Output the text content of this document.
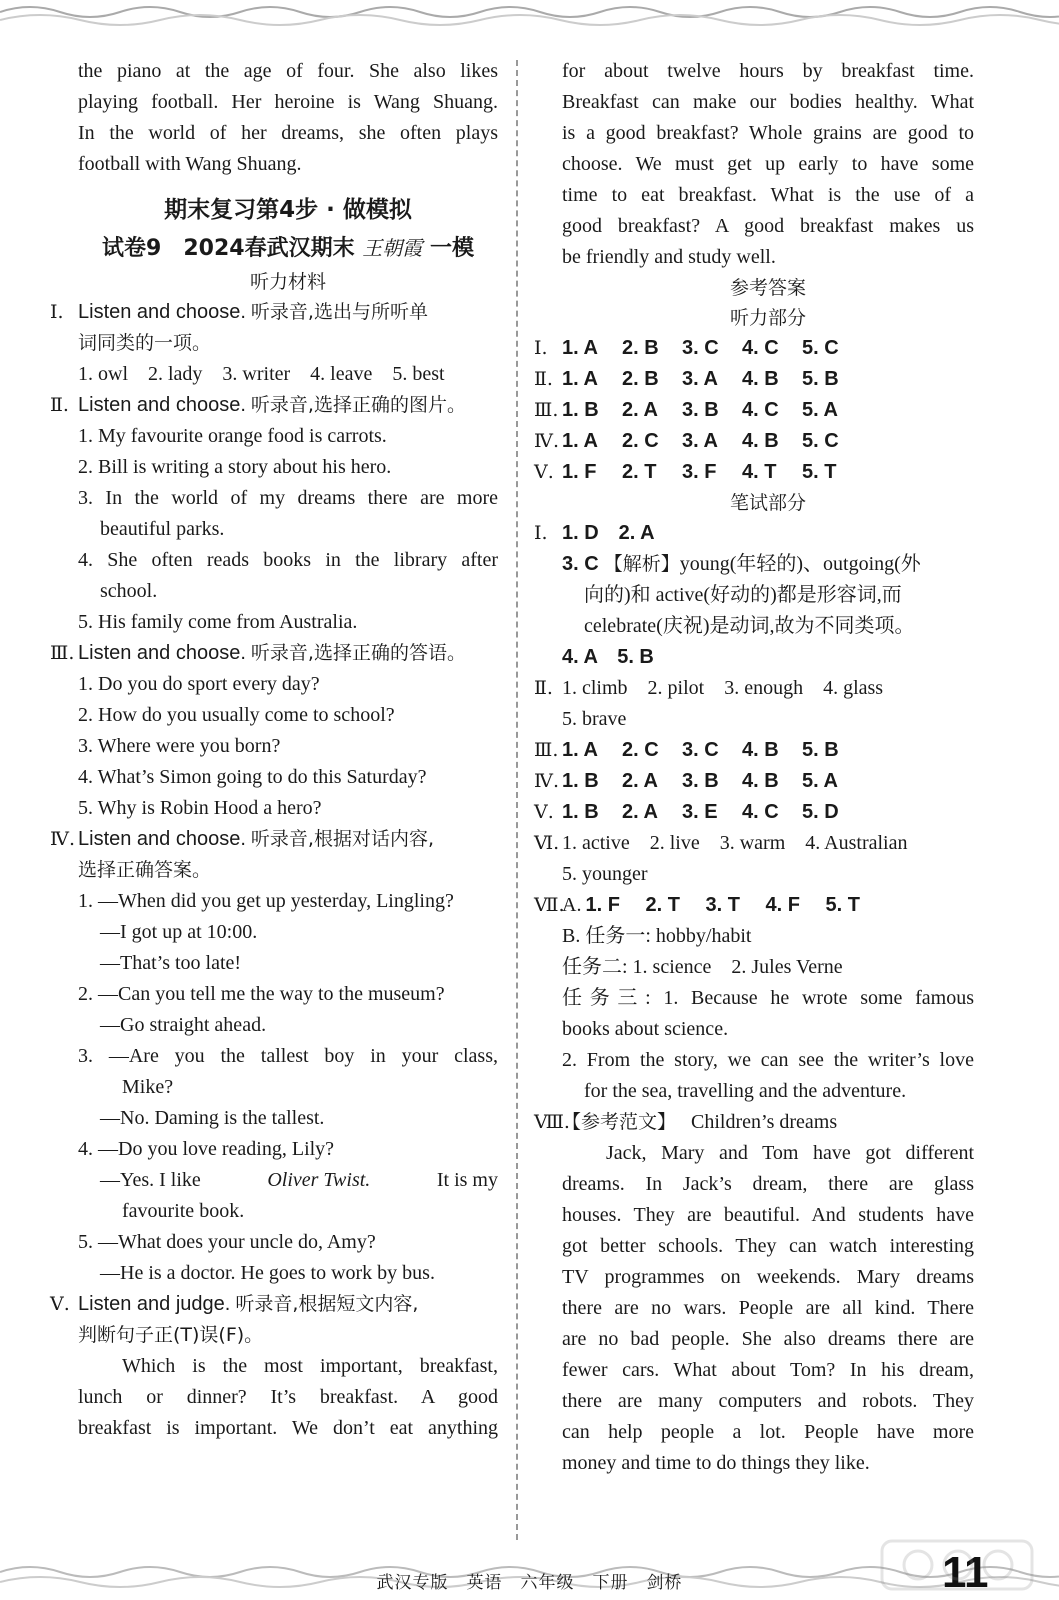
the piano at the age of four. She also likes
playing football. Her heroine is Wang Shuang.
In the world of her dreams, she often plays
football with Wang Shuang.
期末复习第4步 · 做模拟
试卷9　2024春武汉期末 王朝霞 一模
听力材料
Ⅰ. Listen and choose. 听录音,选出与所听单
词同类的一项。
1. owl　2. lady　3. writer　4. leave　5. best
Ⅱ. Listen and choose. 听录音,选择正确的图片。
1. My favourite orange food is carrots.
2. Bill is writing a story about his hero.
3. In the world of my dreams there are more
beautiful parks.
4. She often reads books in the library after
school.
5. His family come from Australia.
Ⅲ. Listen and choose. 听录音,选择正确的答语。
1. Do you do sport every day?
2. How do you usually come to school?
3. Where were you born?
4. What’s Simon going to do this Saturday?
5. Why is Robin Hood a hero?
Ⅳ. Listen and choose. 听录音,根据对话内容,
选择正确答案。
1. —When did you get up yesterday, Lingling?
—I got up at 10:00.
—That’s too late!
2. —Can you tell me the way to the museum?
—Go straight ahead.
3. —Are you the tallest boy in your class,
Mike?
—No. Daming is the tallest.
4. —Do you love reading, Lily?
—Yes. I like	Oliver Twist.	It is my
favourite book.
5. —What does your uncle do, Amy?
—He is a doctor. He goes to work by bus.
Ⅴ. Listen and judge. 听录音,根据短文内容,
判断句子正(T)误(F)。
Which is the most important, breakfast,
lunch or dinner? It’s breakfast. A good
breakfast is important. We don’t eat anything
for about twelve hours by breakfast time.
Breakfast can make our bodies healthy. What
is a good breakfast? Whole grains are good to
choose. We must get up early to have some
time to eat breakfast. What is the use of a
good breakfast? A good breakfast makes us
be friendly and study well.
参考答案
听力部分
Ⅰ. 1. A 2. B 3. C 4. C 5. C
Ⅱ. 1. A 2. B 3. A 4. B 5. B
Ⅲ. 1. B 2. A 3. B 4. C 5. A
Ⅳ. 1. A 2. C 3. A 4. B 5. C
Ⅴ. 1. F 2. T 3. F 4. T 5. T
笔试部分
Ⅰ. 1. D　2. A
3. C 【解析】young(年轻的)、outgoing(外
向的)和 active(好动的)都是形容词,而
celebrate(庆祝)是动词,故为不同类项。
4. A　5. B
Ⅱ. 1. climb　2. pilot　3. enough　4. glass
5. brave
Ⅲ. 1. A 2. C 3. C 4. B 5. B
Ⅳ. 1. B 2. A 3. B 4. B 5. A
Ⅴ. 1. B 2. A 3. E 4. C 5. D
Ⅵ. 1. active　2. live　3. warm　4. Australian
5. younger
Ⅶ.A. 1. F 2. T 3. T 4. F 5. T
B. 任务一: hobby/habit
任务二: 1. science　2. Jules Verne
任务三: 1. Because he wrote some famous
books about science.
2. From the story, we can see the writer’s love
for the sea, travelling and the adventure.
Ⅷ.【参考范文】 Children’s dreams
Jack, Mary and Tom have got different
dreams. In Jack’s dream, there are glass
houses. They are beautiful. And students have
got better schools. They can watch interesting
TV programmes on weekends. Mary dreams
there are no wars. People are all kind. There
are no bad people. She also dreams there are
fewer cars. What about Tom? In his dream,
there are many computers and robots. They
can help people a lot. People have more
money and time to do things they like.
武汉专版　英语　六年级　下册　剑桥	11
